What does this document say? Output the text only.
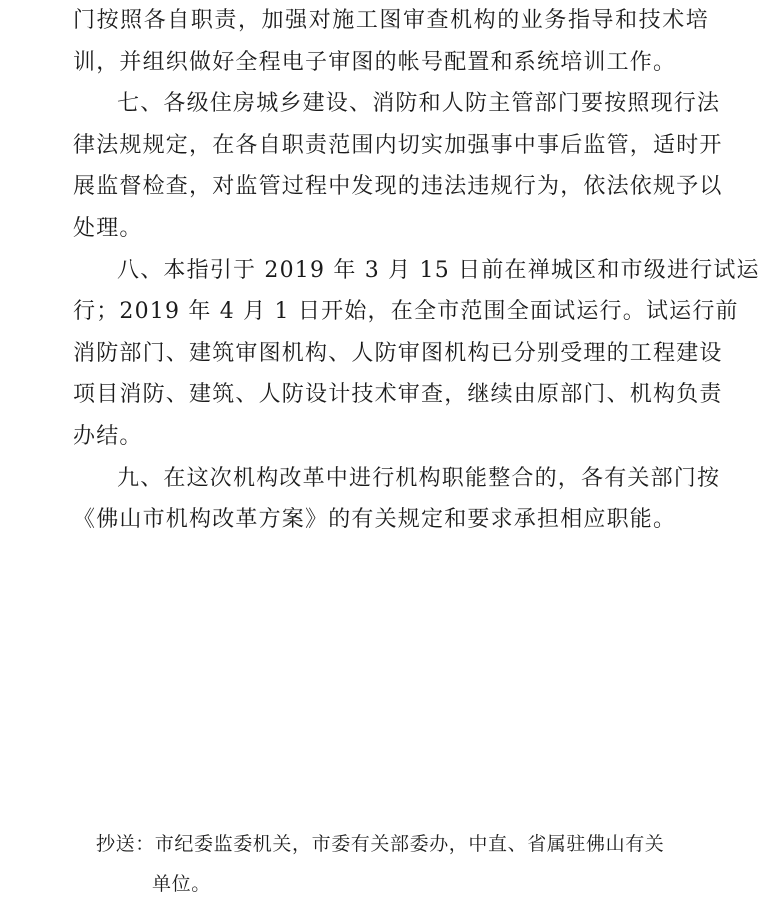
门按照各自职责，加强对施工图审查机构的业务指导和技术培
训，并组织做好全程电子审图的帐号配置和系统培训工作。

七、各级住房城乡建设、消防和人防主管部门要按照现行法
律法规规定，在各自职责范围内切实加强事中事后监管，适时开
展监督检查，对监管过程中发现的违法违规行为，依法依规予以
处理。

八、本指引于 2019 年 3 月 15 日前在禅城区和市级进行试运
行；2019 年 4 月 1 日开始，在全市范围全面试运行。试运行前
消防部门、建筑审图机构、人防审图机构已分别受理的工程建设
项目消防、建筑、人防设计技术审查，继续由原部门、机构负责
办结。

九、在这次机构改革中进行机构职能整合的，各有关部门按
《佛山市机构改革方案》的有关规定和要求承担相应职能。

抄送：市纪委监委机关，市委有关部委办，中直、省属驻佛山有关
单位。
